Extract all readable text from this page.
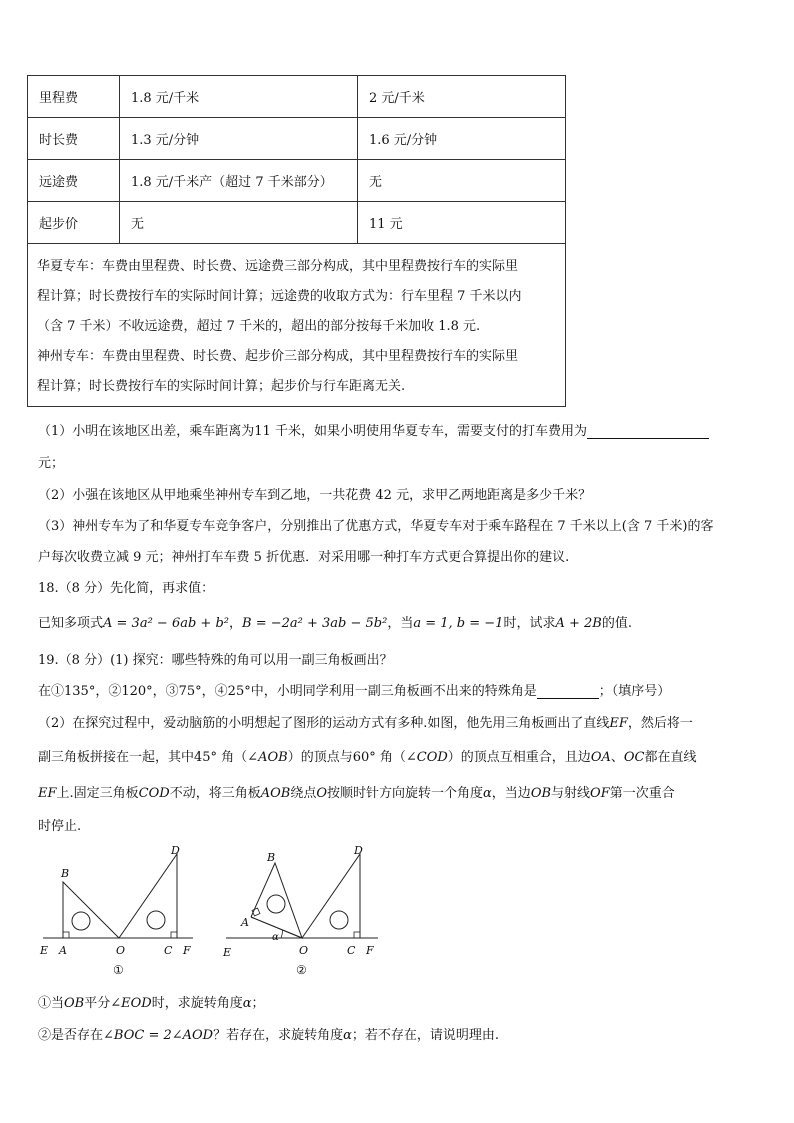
里程费	1.8 元/千米	2 元/千米
时长费	1.3 元/分钟	1.6 元/分钟
远途费	1.8 元/千米产（超过 7 千米部分）	无
起步价	无	11 元

华夏专车：车费由里程费、时长费、远途费三部分构成，其中里程费按行车的实际里
程计算；时长费按行车的实际时间计算；远途费的收取方式为：行车里程 7 千米以内
（含 7 千米）不收远途费，超过 7 千米的，超出的部分按每千米加收 1.8 元.
神州专车：车费由里程费、时长费、起步价三部分构成，其中里程费按行车的实际里
程计算；时长费按行车的实际时间计算；起步价与行车距离无关.		
（1）小明在该地区出差，乘车距离为11 千米，如果小明使用华夏专车，需要支付的打车费用为
元；
（2）小强在该地区从甲地乘坐神州专车到乙地，一共花费 42 元，求甲乙两地距离是多少千米？
（3）神州专车为了和华夏专车竞争客户，分别推出了优惠方式，华夏专车对于乘车路程在 7 千米以上(含 7 千米)的客
户每次收费立减 9 元；神州打车车费 5 折优惠．对采用哪一种打车方式更合算提出你的建议.
18.（8 分）先化简，再求值：
已知多项式A = 3a² − 6ab + b²，B = −2a² + 3ab − 5b²，当a = 1, b = −1时，试求A + 2B的值.
19.（8 分）(1) 探究：哪些特殊的角可以用一副三角板画出？
在①135°，②120°，③75°，④25°中，小明同学利用一副三角板画不出来的特殊角是	；（填序号）
（2）在探究过程中，爱动脑筋的小明想起了图形的运动方式有多种.如图，他先用三角板画出了直线EF，然后将一
副三角板拼接在一起，其中45° 角（∠AOB）的顶点与60° 角（∠COD）的顶点互相重合，且边OA、OC都在直线
EF上.固定三角板COD不动，将三角板AOB绕点O按顺时针方向旋转一个角度α，当边OB与射线OF第一次重合
时停止.
B
D
E A	O	C F
①
B
D
A
α
E	O	C F
②
①当OB平分∠EOD时，求旋转角度α；
②是否存在∠BOC = 2∠AOD？若存在，求旋转角度α；若不存在，请说明理由.
